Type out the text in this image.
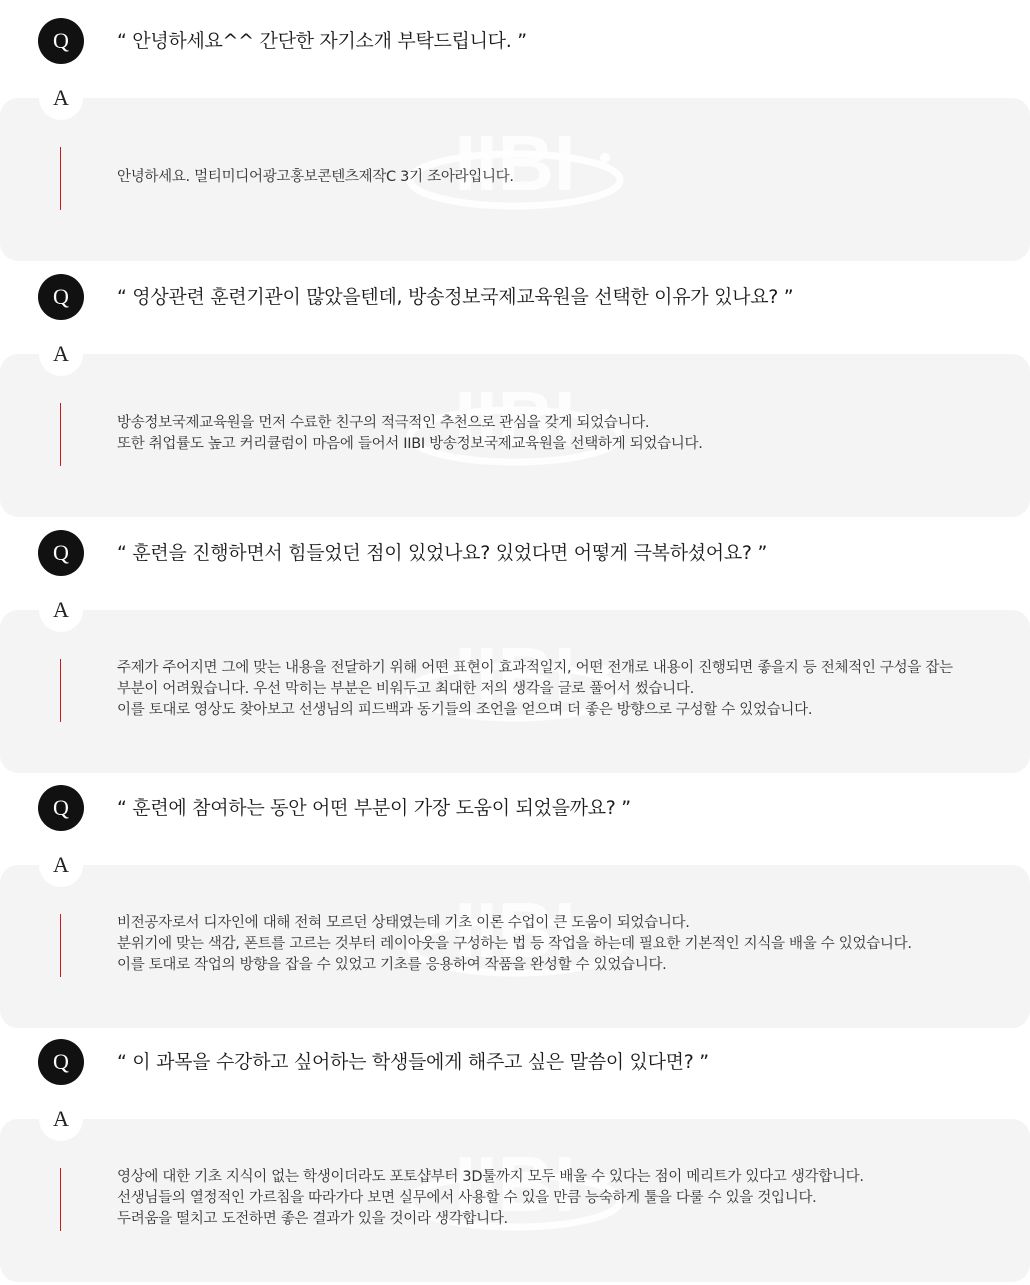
Q	“ 안녕하세요^^ 간단한 자기소개 부탁드립니다. ”
IIBI
A
안녕하세요. 멀티미디어광고홍보콘텐츠제작C 3기 조아라입니다.
Q	“ 영상관련 훈련기관이 많았을텐데, 방송정보국제교육원을 선택한 이유가 있나요? ”
IIBI
A
방송정보국제교육원을 먼저 수료한 친구의 적극적인 추천으로 관심을 갖게 되었습니다.
또한 취업률도 높고 커리큘럼이 마음에 들어서 IIBI 방송정보국제교육원을 선택하게 되었습니다.
Q	“ 훈련을 진행하면서 힘들었던 점이 있었나요? 있었다면 어떻게 극복하셨어요? ”
IIBI
A
주제가 주어지면 그에 맞는 내용을 전달하기 위해 어떤 표현이 효과적일지, 어떤 전개로 내용이 진행되면 좋을지 등 전체적인 구성을 잡는
부분이 어려웠습니다. 우선 막히는 부분은 비워두고 최대한 저의 생각을 글로 풀어서 썼습니다.
이를 토대로 영상도 찾아보고 선생님의 피드백과 동기들의 조언을 얻으며 더 좋은 방향으로 구성할 수 있었습니다.
Q	“ 훈련에 참여하는 동안 어떤 부분이 가장 도움이 되었을까요? ”
IIBI
A
비전공자로서 디자인에 대해 전혀 모르던 상태였는데 기초 이론 수업이 큰 도움이 되었습니다.
분위기에 맞는 색감, 폰트를 고르는 것부터 레이아웃을 구성하는 법 등 작업을 하는데 필요한 기본적인 지식을 배울 수 있었습니다.
이를 토대로 작업의 방향을 잡을 수 있었고 기초를 응용하여 작품을 완성할 수 있었습니다.
Q	“ 이 과목을 수강하고 싶어하는 학생들에게 해주고 싶은 말씀이 있다면? ”
IIBI
A
영상에 대한 기초 지식이 없는 학생이더라도 포토샵부터 3D툴까지 모두 배울 수 있다는 점이 메리트가 있다고 생각합니다.
선생님들의 열정적인 가르침을 따라가다 보면 실무에서 사용할 수 있을 만큼 능숙하게 툴을 다룰 수 있을 것입니다.
두려움을 떨치고 도전하면 좋은 결과가 있을 것이라 생각합니다.
